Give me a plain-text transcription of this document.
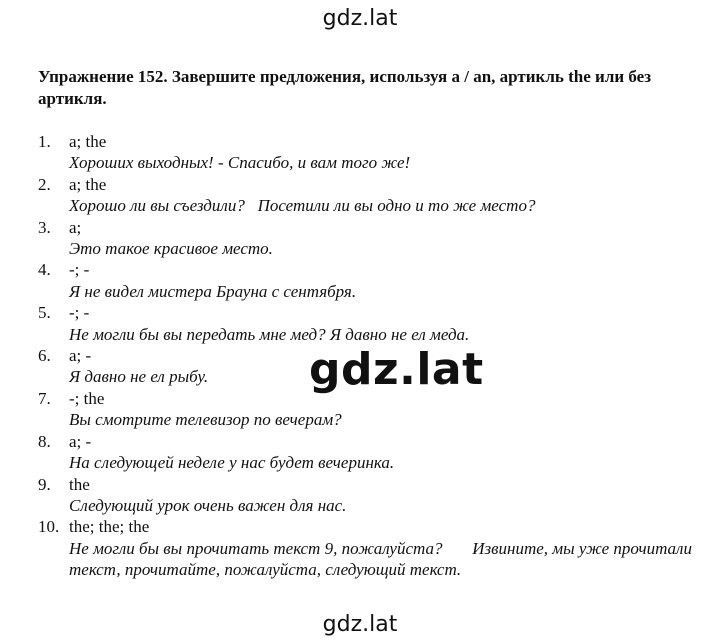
gdz.lat
Упражнение 152. Завершите предложения, используя a / an, артикль the или без артикля.
1.	a; the
Хороших выходных! - Спасибо, и вам того же!
2.	a; the
Хорошо ли вы съездили?   Посетили ли вы одно и то же место?
3.	a;
Это такое красивое место.
4.	-; -
Я не видел мистера Брауна с сентября.
5.	-; -
Не могли бы вы передать мне мед? Я давно не ел меда.
6.	a; -
Я давно не ел рыбу.
7.	-; the
Вы смотрите телевизор по вечерам?
8.	a; -
На следующей неделе у нас будет вечеринка.
9.	the
Следующий урок очень важен для нас.
10. the; the; the
Не могли бы вы прочитать текст 9, пожалуйста?       Извините, мы уже прочитали текст, прочитайте, пожалуйста, следующий текст.
gdz.lat
gdz.lat
